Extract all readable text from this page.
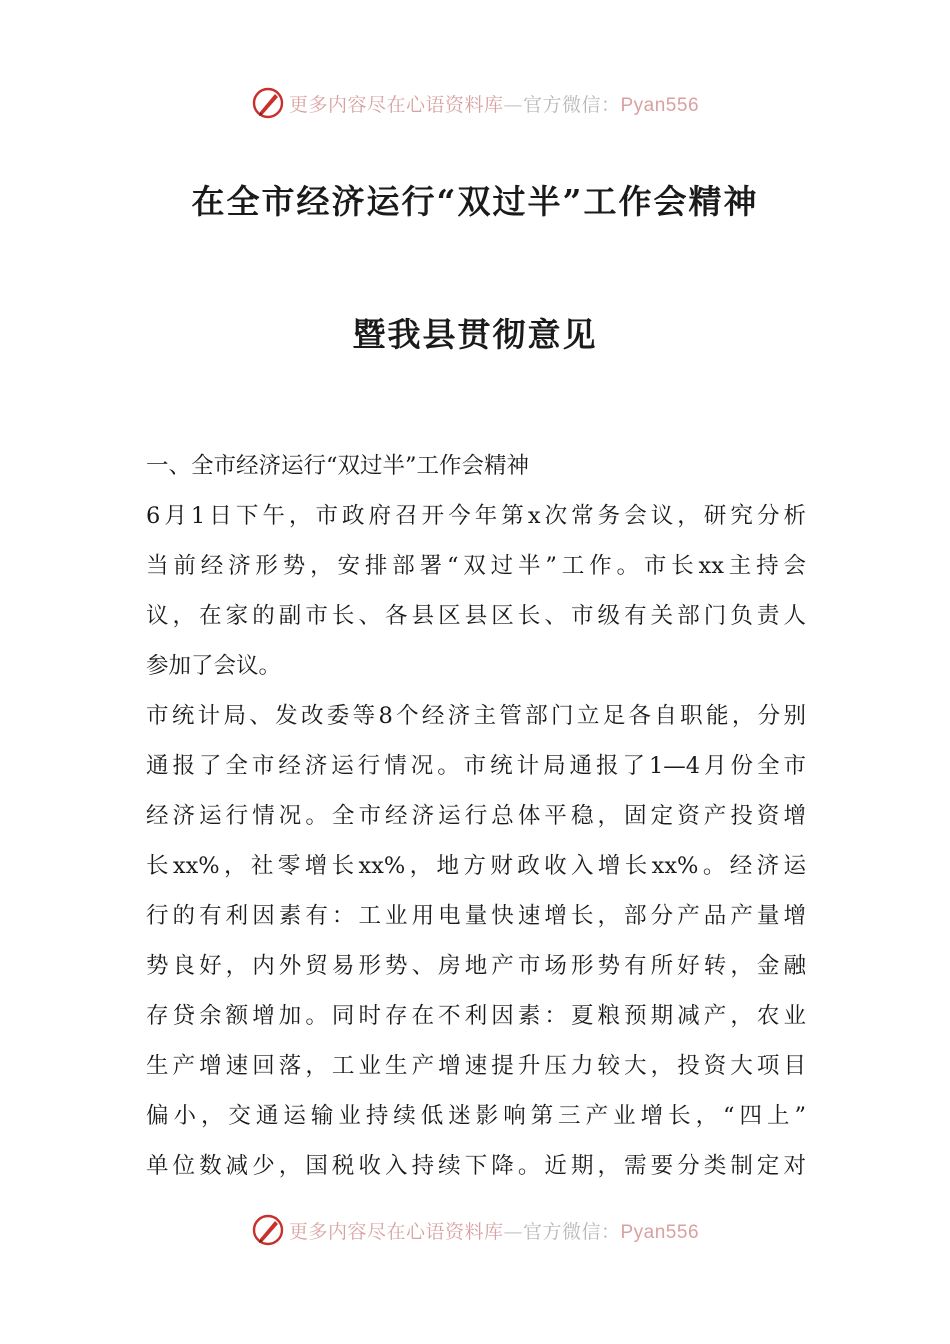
更多内容尽在心语资料库—官方微信：Pyan556
在全市经济运行“双过半”工作会精神
暨我县贯彻意见

一、全市经济运行“双过半”工作会精神

6月1日下午，市政府召开今年第x次常务会议，研究分析
当前经济形势，安排部署“双过半”工作。市长xx主持会
议，在家的副市长、各县区县区长、市级有关部门负责人
参加了会议。

市统计局、发改委等8个经济主管部门立足各自职能，分别
通报了全市经济运行情况。市统计局通报了1—4月份全市
经济运行情况。全市经济运行总体平稳，固定资产投资增
长xx%，社零增长xx%，地方财政收入增长xx%。经济运
行的有利因素有：工业用电量快速增长，部分产品产量增
势良好，内外贸易形势、房地产市场形势有所好转，金融
存贷余额增加。同时存在不利因素：夏粮预期减产，农业
生产增速回落，工业生产增速提升压力较大，投资大项目
偏小，交通运输业持续低迷影响第三产业增长，“四上”
单位数减少，国税收入持续下降。近期，需要分类制定对

更多内容尽在心语资料库—官方微信：Pyan556
